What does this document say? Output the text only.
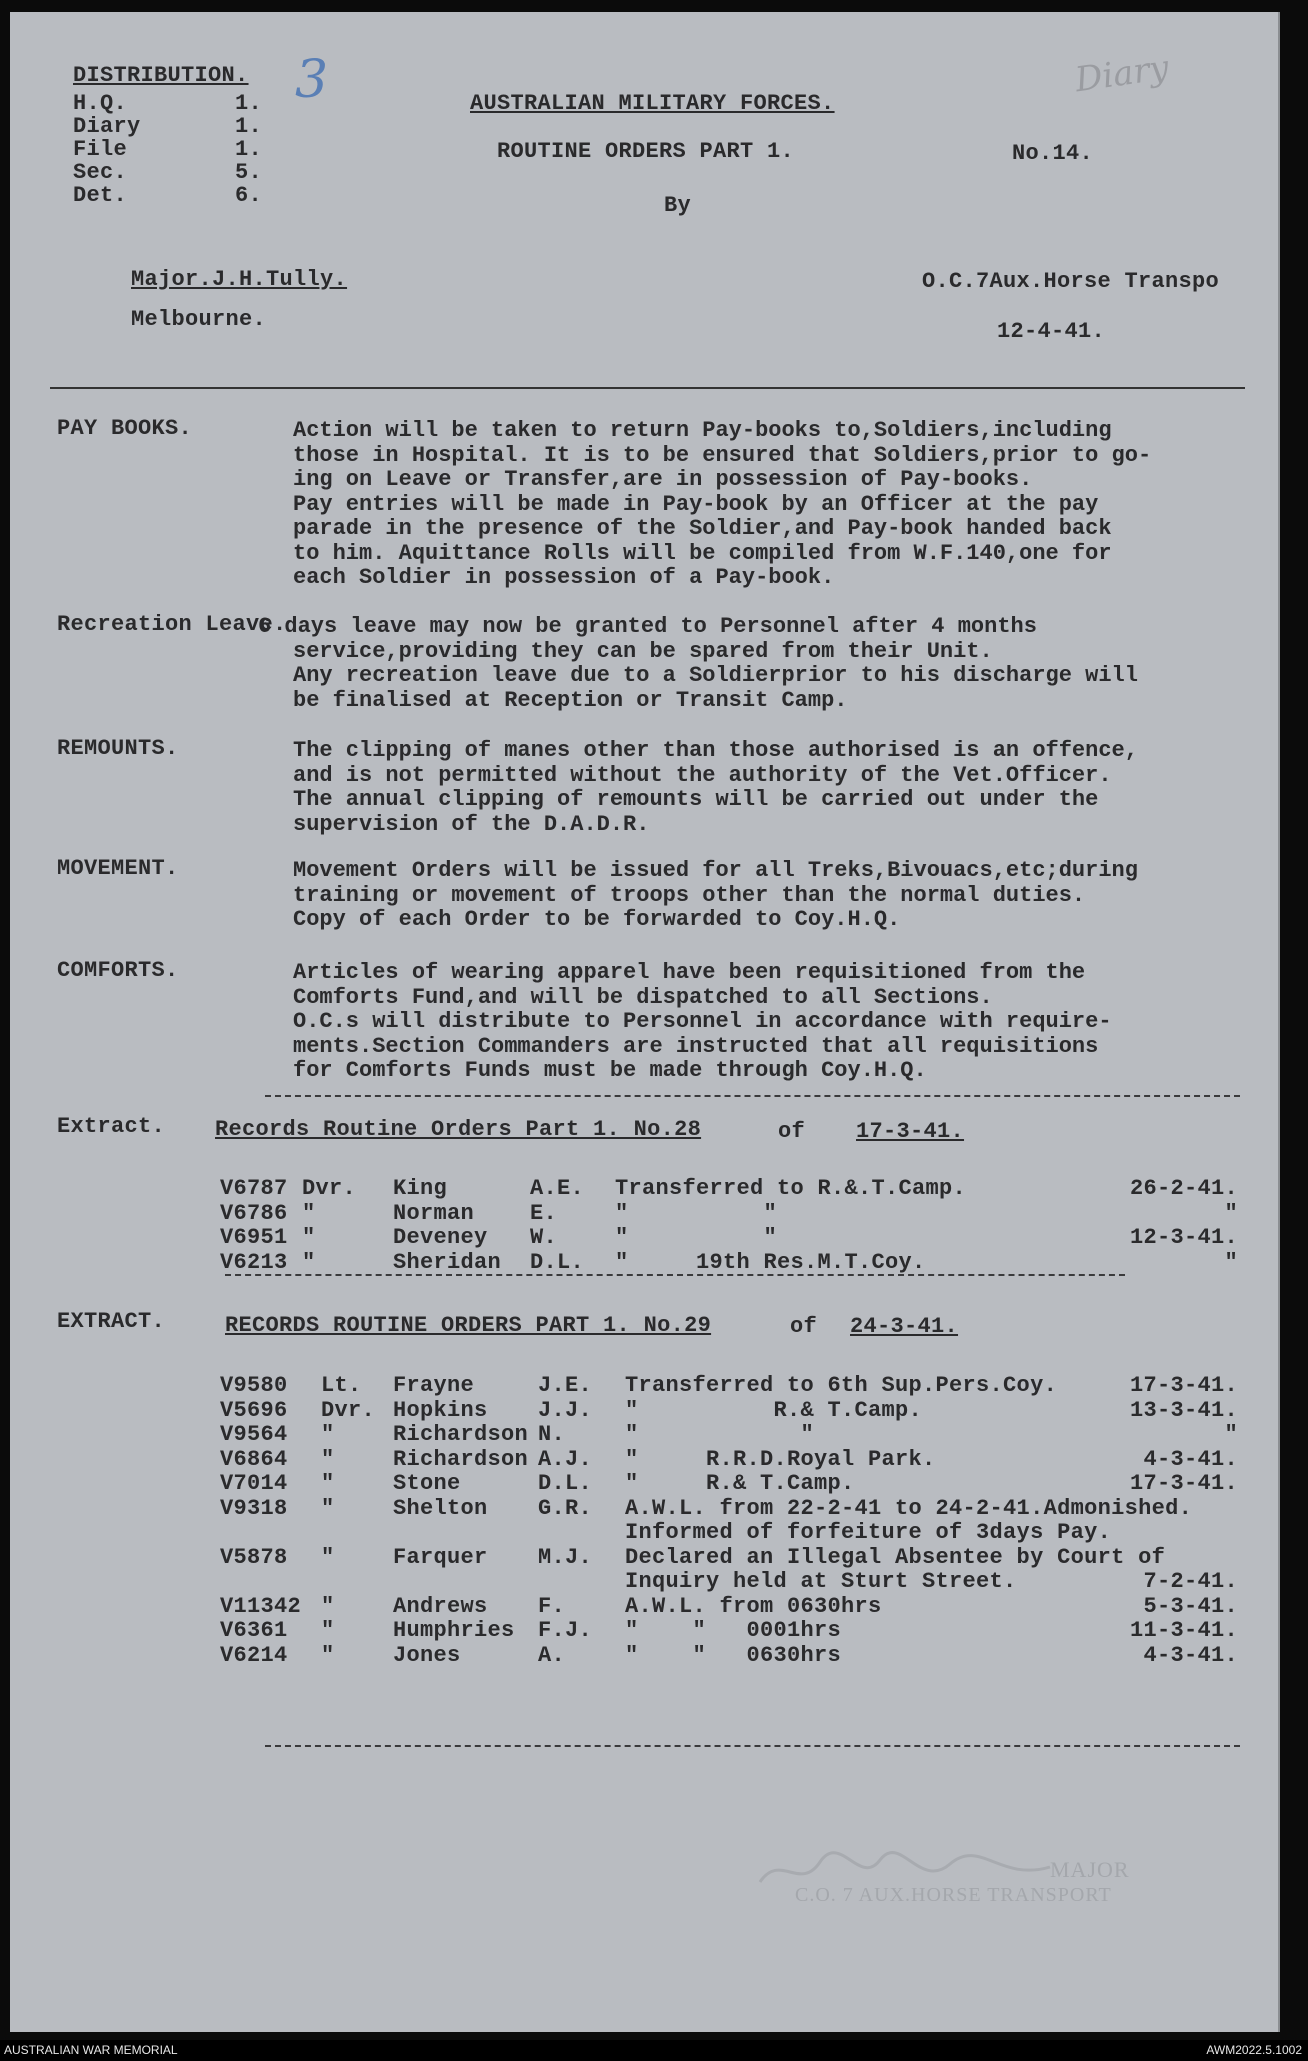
DISTRIBUTION.
H.Q.	1.
Diary	1.
File	1.
Sec.	5.
Det.	6.
3	Diary
AUSTRALIAN MILITARY FORCES.
ROUTINE ORDERS PART 1.	No.14.
By
Major.J.H.Tully.	O.C.7Aux.Horse Transpo
Melbourne.	12-4-41.
PAY BOOKS.	Action will be taken to return Pay-books to,Soldiers,including
those in Hospital. It is to be ensured that Soldiers,prior to go-
ing on Leave or Transfer,are in possession of Pay-books.
Pay entries will be made in Pay-book by an Officer at the pay
parade in the presence of the Soldier,and Pay-book handed back
to him. Aquittance Rolls will be compiled from W.F.140,one for
each Soldier in possession of a Pay-book.
Recreation Leave.
6 days leave may now be granted to Personnel after 4 months
service,providing they can be spared from their Unit.
Any recreation leave due to a Soldierprior to his discharge will
be finalised at Reception or Transit Camp.
REMOUNTS.	The clipping of manes other than those authorised is an offence,
and is not permitted without the authority of the Vet.Officer.
The annual clipping of remounts will be carried out under the
supervision of the D.A.D.R.
MOVEMENT.	Movement Orders will be issued for all Treks,Bivouacs,etc;during
training or movement of troops other than the normal duties.
Copy of each Order to be forwarded to Coy.H.Q.
COMFORTS.	Articles of wearing apparel have been requisitioned from the
Comforts Fund,and will be dispatched to all Sections.
O.C.s will distribute to Personnel in accordance with require-
ments.Section Commanders are instructed that all requisitions
for Comforts Funds must be made through Coy.H.Q.
Extract. Records Routine Orders Part 1. No.28	of 17-3-41.
V6787 Dvr. King	A.E. Transferred to R.&.T.Camp.	26-2-41.
V6786 "	Norman	E.	"          "	"
V6951 "	Deveney W.	"          "	12-3-41.
V6213 "	Sheridan D.L. "     19th Res.M.T.Coy.	"
EXTRACT.	RECORDS ROUTINE ORDERS PART 1. No.29	of 24-3-41.
V9580 Lt. Frayne	J.E. Transferred to 6th Sup.Pers.Coy.	17-3-41.
V5696 Dvr. Hopkins J.J. "          R.& T.Camp.	13-3-41.
V9564 "	Richardson N.	"            "	"
V6864 "	Richardson A.J. "     R.R.D.Royal Park.	4-3-41.
V7014 "	Stone	D.L. "     R.& T.Camp.	17-3-41.
V9318 "	Shelton G.R. A.W.L. from 22-2-41 to 24-2-41.Admonished.
Informed of forfeiture of 3days Pay.
V5878 "	Farquer M.J. Declared an Illegal Absentee by Court of
Inquiry held at Sturt Street.	7-2-41.
V11342 "	Andrews F.	A.W.L. from 0630hrs	5-3-41.
V6361 "	Humphries F.J. "    "   0001hrs	11-3-41.
V6214 "	Jones	A.	"    "   0630hrs	4-3-41.
MAJOR
C.O. 7 AUX.HORSE TRANSPORT
AUSTRALIAN WAR MEMORIAL	AWM2022.5.1002
